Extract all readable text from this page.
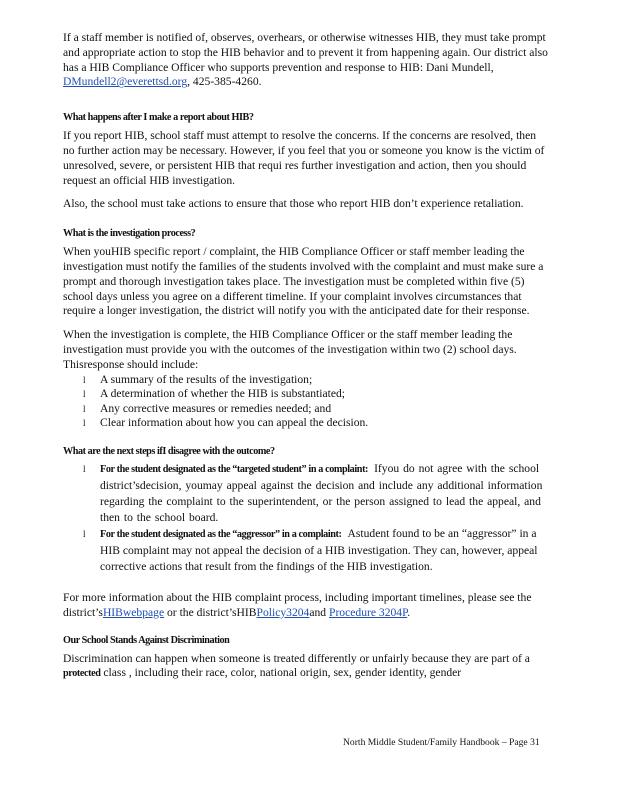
If a staff member is notified of, observes, overhears, or otherwise witnesses HIB, they must take prompt and appropriate action to stop the HIB behavior and to prevent it from happening again. Our district also has a HIB Compliance Officer who supports prevention and response to HIB: Dani Mundell, DMundell2@everettsd.org, 425-385-4260.

What happens after I make a report about HIB?

If you report HIB, school staff must attempt to resolve the concerns. If the concerns are resolved, then no further action may be necessary. However, if you feel that you or someone you know is the victim of unresolved, severe, or persistent HIB that requi res further investigation and action, then you should request an official HIB investigation.

Also, the school must take actions to ensure that those who report HIB don’t experience retaliation.

What is the investigation process?

When youHIB specific report / complaint, the HIB Compliance Officer or staff member leading the investigation must notify the families of the students involved with the complaint and must make sure a prompt and thorough investigation takes place. The investigation must be completed within five (5) school days unless you agree on a different timeline. If your complaint involves circumstances that require a longer investigation, the district will notify you with the anticipated date for their response.

When the investigation is complete, the HIB Compliance Officer or the staff member leading the investigation must provide you with the outcomes of the investigation within two (2) school days. Thisresponse should include:

l A summary of the results of the investigation;
l A determination of whether the HIB is substantiated;
l Any corrective measures or remedies needed; and
l Clear information about how you can appeal the decision.
What are the next steps ifI disagree with the outcome?
l For the student designated as the “targeted student” in a complaint: Ifyou do not agree with the school district’sdecision, youmay appeal against the decision and include any additional information regarding the complaint to the superintendent, or the person assigned to lead the appeal, and then to the school board.
l For the student designated as the “aggressor” in a complaint: Astudent found to be an “aggressor” in a HIB complaint may not appeal the decision of a HIB investigation. They can, however, appeal corrective actions that result from the findings of the HIB investigation.

For more information about the HIB complaint process, including important timelines, please see the district’sHIBwebpage or the district’sHIBPolicy3204and Procedure 3204P.

Our School Stands Against Discrimination

Discrimination can happen when someone is treated differently or unfairly because they are part of a protected class , including their race, color, national origin, sex, gender identity, gender

North Middle Student/Family Handbook – Page 31
